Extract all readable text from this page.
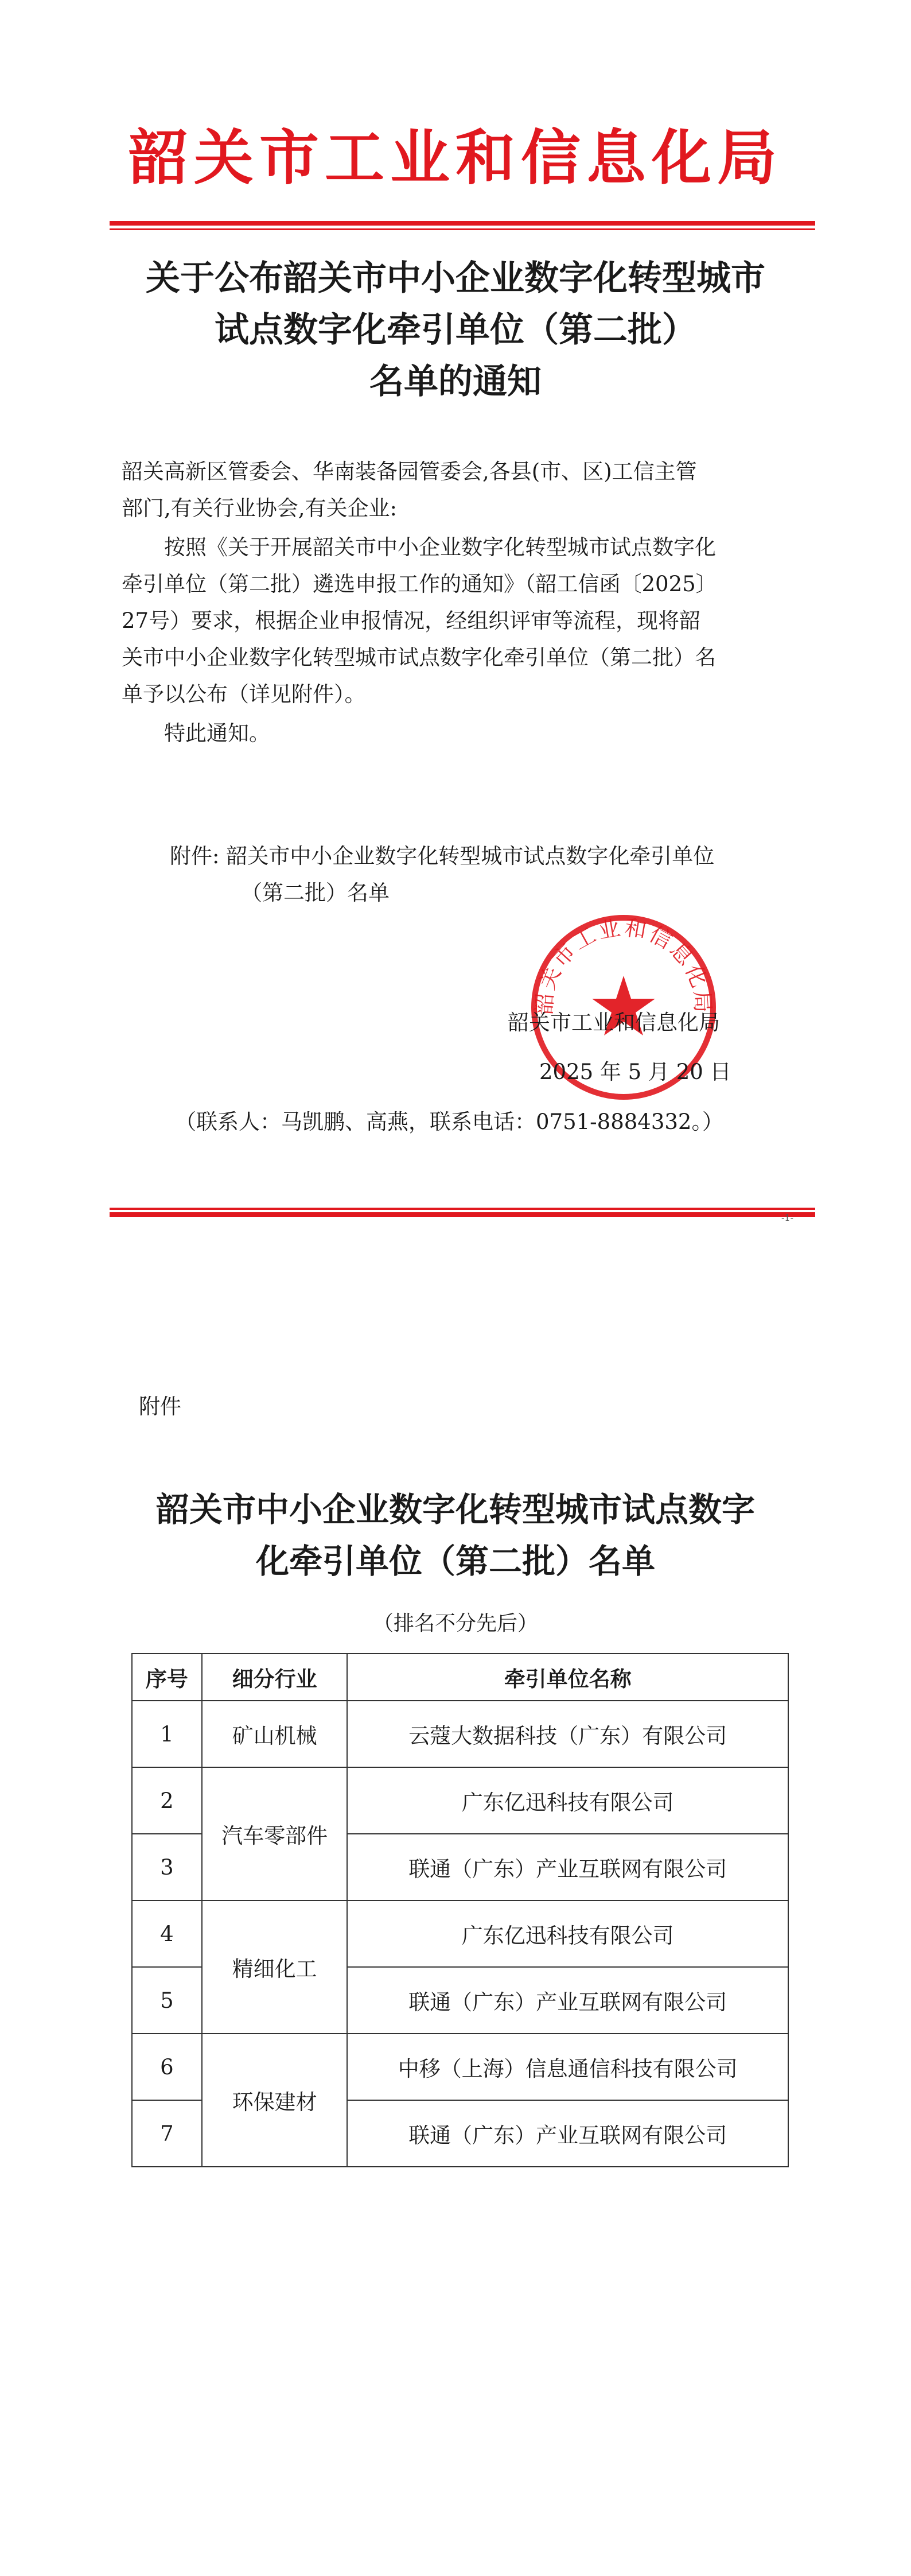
韶关市工业和信息化局
关于公布韶关市中小企业数字化转型城市
试点数字化牵引单位（第二批）
名单的通知
韶关高新区管委会、华南装备园管委会,各县(市、区)工信主管
部门,有关行业协会,有关企业:
按照《关于开展韶关市中小企业数字化转型城市试点数字化
牵引单位（第二批）遴选申报工作的通知》（韶工信函〔2025〕
27号）要求，根据企业申报情况，经组织评审等流程，现将韶
关市中小企业数字化转型城市试点数字化牵引单位（第二批）名
单予以公布（详见附件）。
特此通知。
附件: 韶关市中小企业数字化转型城市试点数字化牵引单位
（第二批）名单
韶关市工业和信息化局
韶关市工业和信息化局
2025 年 5 月 20 日
（联系人：马凯鹏、高燕，联系电话：0751-8884332。）
-1-
附件
韶关市中小企业数字化转型城市试点数字
化牵引单位（第二批）名单
（排名不分先后）
序号	细分行业	牵引单位名称
1	矿山机械	云蔻大数据科技（广东）有限公司
2	汽车零部件	广东亿迅科技有限公司
3		联通（广东）产业互联网有限公司
4	精细化工	广东亿迅科技有限公司
5		联通（广东）产业互联网有限公司
6	环保建材	中移（上海）信息通信科技有限公司
7		联通（广东）产业互联网有限公司
